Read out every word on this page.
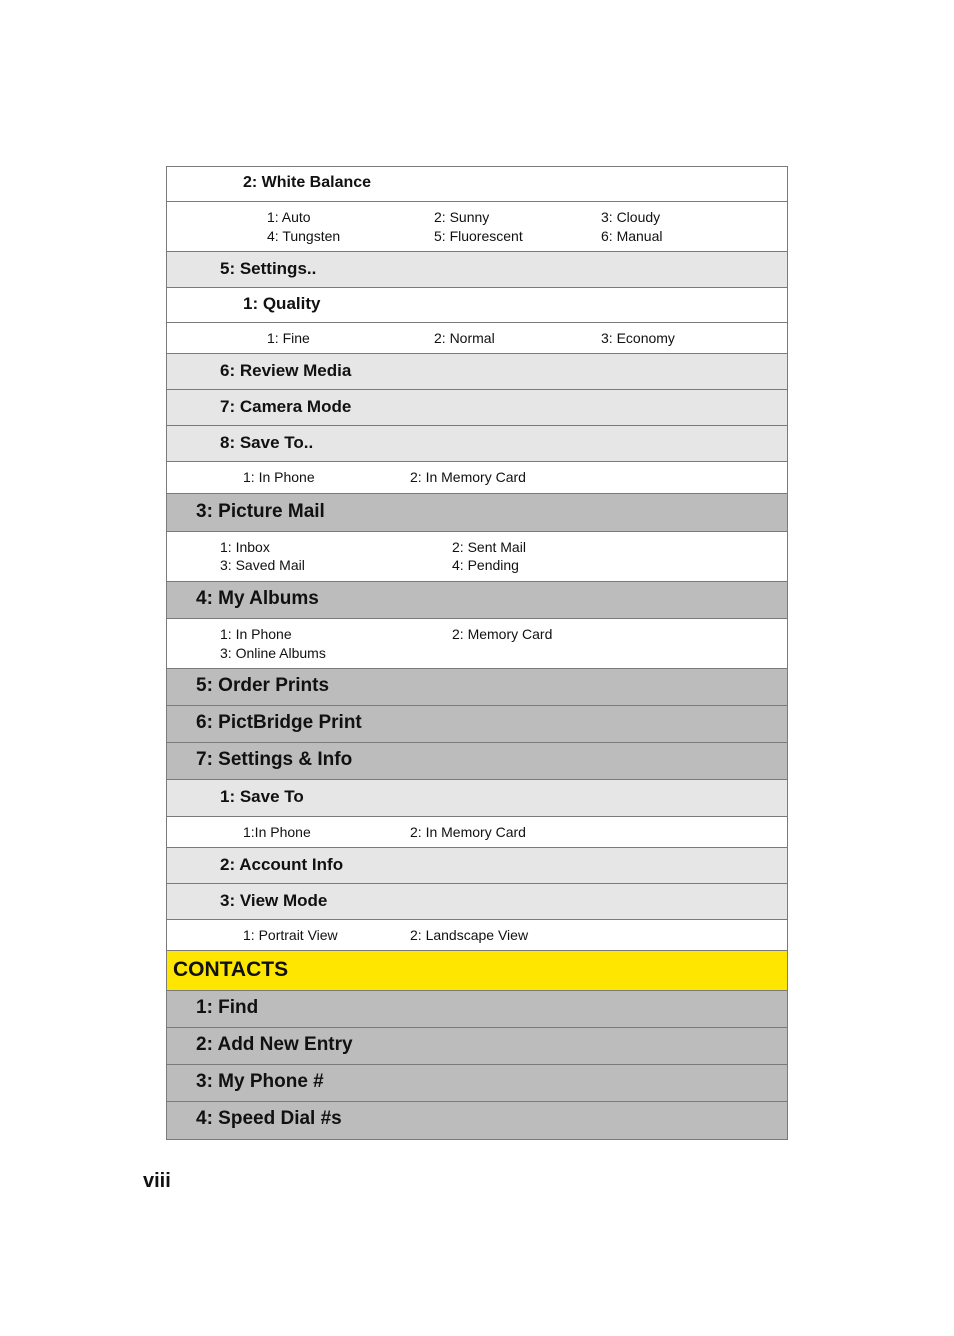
2: White Balance
1: Auto	2: Sunny	3: Cloudy
4: Tungsten	5: Fluorescent	6: Manual
5: Settings..
1: Quality
1: Fine	2: Normal	3: Economy
6: Review Media
7: Camera Mode
8: Save To..
1: In Phone	2: In Memory Card
3: Picture Mail
1: Inbox	2: Sent Mail
3: Saved Mail	4: Pending
4: My Albums
1: In Phone	2: Memory Card
3: Online Albums
5: Order Prints
6: PictBridge Print
7: Settings & Info
1: Save To
1:In Phone	2: In Memory Card
2: Account Info
3: View Mode
1: Portrait View	2: Landscape View
CONTACTS
1: Find
2: Add New Entry
3: My Phone #
4: Speed Dial #s
viii
